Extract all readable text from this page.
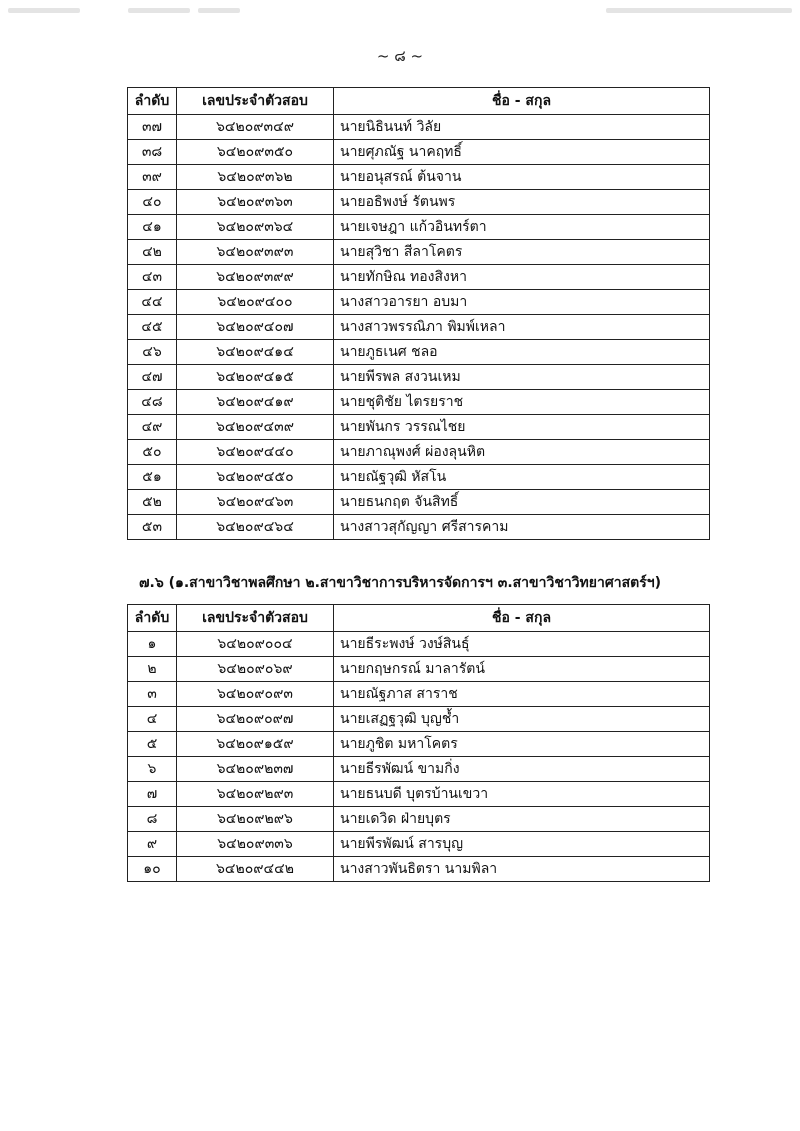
~ ๘ ~
ลำดับ	เลขประจำตัวสอบ	ชื่อ - สกุล
๓๗	๖๔๒๐๙๓๔๙	นายนิธินนท์ วิลัย
๓๘	๖๔๒๐๙๓๕๐	นายศุภณัฐ นาคฤทธิ์
๓๙	๖๔๒๐๙๓๖๒	นายอนุสรณ์ ต้นจาน
๔๐	๖๔๒๐๙๓๖๓	นายอธิพงษ์ รัตนพร
๔๑	๖๔๒๐๙๓๖๔	นายเจษฎา แก้วอินทร์ตา
๔๒	๖๔๒๐๙๓๙๓	นายสุวิชา สีลาโคตร
๔๓	๖๔๒๐๙๓๙๙	นายทักษิณ ทองสิงหา
๔๔	๖๔๒๐๙๔๐๐	นางสาวอารยา อบมา
๔๕	๖๔๒๐๙๔๐๗	นางสาวพรรณิภา พิมพ์เหลา
๔๖	๖๔๒๐๙๔๑๔	นายภูธเนศ ชลอ
๔๗	๖๔๒๐๙๔๑๕	นายพีรพล สงวนเหม
๔๘	๖๔๒๐๙๔๑๙	นายชุติชัย ไตรยราช
๔๙	๖๔๒๐๙๔๓๙	นายพันกร วรรณไชย
๕๐	๖๔๒๐๙๔๔๐	นายภาณุพงศ์ ผ่องลุนหิต
๕๑	๖๔๒๐๙๔๕๐	นายณัฐวุฒิ หัสโน
๕๒	๖๔๒๐๙๔๖๓	นายธนกฤต จันสิทธิ์
๕๓	๖๔๒๐๙๔๖๔	นางสาวสุกัญญา ศรีสารคาม
๗.๖ (๑.สาขาวิชาพลศึกษา ๒.สาขาวิชาการบริหารจัดการฯ ๓.สาขาวิชาวิทยาศาสตร์ฯ)
ลำดับ	เลขประจำตัวสอบ	ชื่อ - สกุล
๑	๖๔๒๐๙๐๐๔	นายธีระพงษ์ วงษ์สินธุ์
๒	๖๔๒๐๙๐๖๙	นายกฤษกรณ์ มาลารัตน์
๓	๖๔๒๐๙๐๙๓	นายณัฐภาส สาราช
๔	๖๔๒๐๙๐๙๗	นายเสฏฐวุฒิ บุญช้ำ
๕	๖๔๒๐๙๑๕๙	นายภูชิต มหาโคตร
๖	๖๔๒๐๙๒๓๗	นายธีรพัฒน์ ขามกิ่ง
๗	๖๔๒๐๙๒๙๓	นายธนบดี บุตรบ้านเขวา
๘	๖๔๒๐๙๒๙๖	นายเดวิด ฝ่ายบุตร
๙	๖๔๒๐๙๓๓๖	นายพีรพัฒน์ สารบุญ
๑๐	๖๔๒๐๙๔๔๒	นางสาวพันธิตรา นามพิลา
